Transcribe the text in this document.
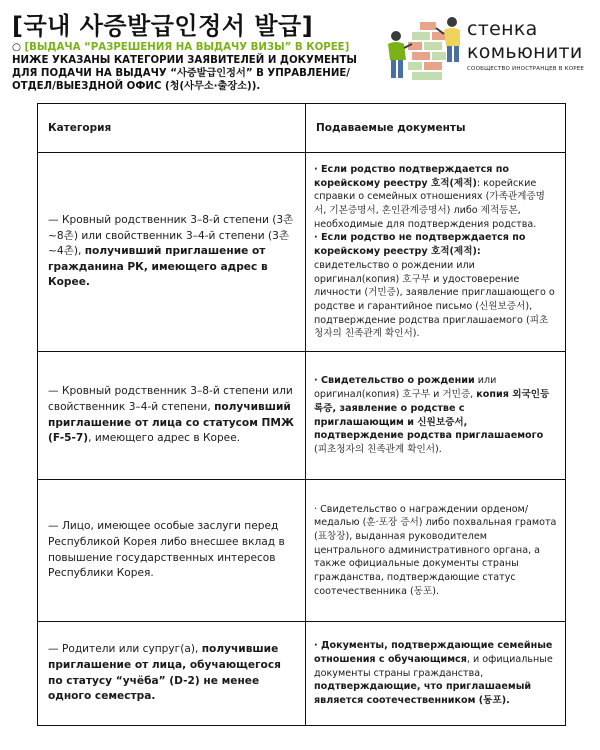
[국내 사증발급인정서 발급]
○ [ВЫДАЧА “РАЗРЕШЕНИЯ НА ВЫДАЧУ ВИЗЫ” В КОРЕЕ]
НИЖЕ УКАЗАНЫ КАТЕГОРИИ ЗАЯВИТЕЛЕЙ И ДОКУМЕНТЫ ДЛЯ ПОДАЧИ НА ВЫДАЧУ “사증발급인정서” В УПРАВЛЕНИЕ/ ОТДЕЛ/ВЫЕЗДНОЙ ОФИС (청(사무소·출장소)).
стенка
комьюнити
СООБЩЕСТВО ИНОСТРАНЦЕВ В КОРЕЕ
Категория	Подаваемые документы
— Кровный родственник 3–8-й степени (3촌~8촌) или свойственник 3–4-й степени (3촌~4촌), получивший приглашение от гражданина РК, имеющего адрес в Корее.	· Если родство подтверждается по корейскому реестру 호적(제적): корейские справки о семейных отношениях (가족관계증명서, 기본증명서, 혼인관계증명서) либо 제적등본, необходимые для подтверждения родства.
· Если родство не подтверждается по корейскому реестру 호적(제적): свидетельство о рождении или оригинал(копия) 호구부 и удостоверение личности (거민증), заявление приглашающего о родстве и гарантийное письмо (신원보증서), подтверждение родства приглашаемого (피초청자의 친족관계 확인서).
— Кровный родственник 3–8-й степени или свойственник 3–4-й степени, получивший приглашение от лица со статусом ПМЖ (F-5-7), имеющего адрес в Корее.	· Свидетельство о рождении или оригинал(копия) 호구부 и 거민증, копия 외국인등록증, заявление о родстве с приглашающим и 신원보증서, подтверждение родства приглашаемого
(피초청자의 친족관계 확인서).
— Лицо, имеющее особые заслуги перед Республикой Корея либо внесшее вклад в повышение государственных интересов Республики Корея.	· Свидетельство о награждении орденом/медалью (훈·포장 증서) либо похвальная грамота (표창장), выданная руководителем центрального административного органа, а также официальные документы страны гражданства, подтверждающие статус соотечественника (동포).
— Родители или супруг(а), получившие приглашение от лица, обучающегося по статусу “учёба” (D-2) не менее одного семестра.	· Документы, подтверждающие семейные отношения с обучающимся, и официальные документы страны гражданства, подтверждающие, что приглашаемый является соотечественником (동포).
